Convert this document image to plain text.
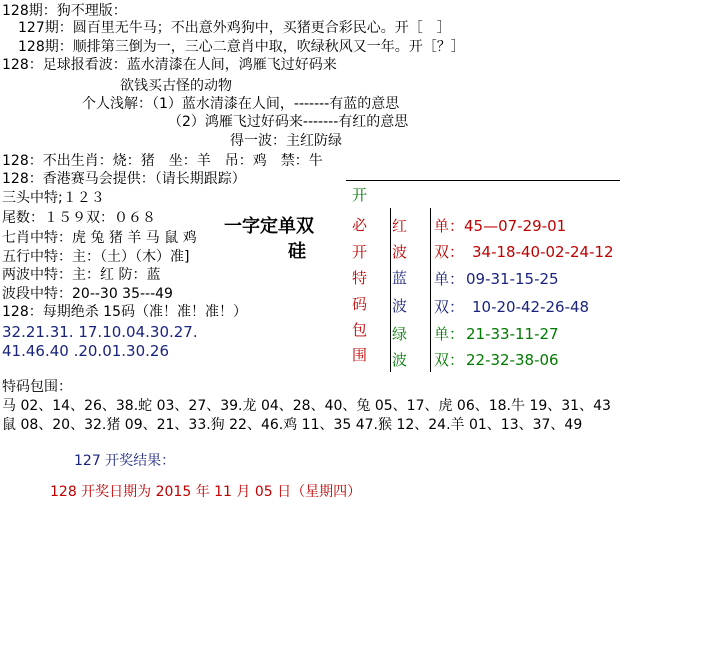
128期：狗不理版：
127期：圆百里无牛马；不出意外鸡狗中，买猪更合彩民心。开［　］
128期：顺排第三倒为一，三心二意肖中取，吹绿秋风又一年。开［？］
128：足球报看波：蓝水清漆在人间，鸿雁飞过好码来
欲钱买古怪的动物
个人浅解：（1）蓝水清漆在人间，-------有蓝的意思
（2）鸿雁飞过好码来-------有红的意思
得一波：主红防绿
128：不出生肖：烧：猪　坐：羊　吊：鸡　禁：牛
128：香港赛马会提供：（请长期跟踪）
三头中特;１２３
尾数：１５９双：０６８
七肖中特：虎 兔 猪 羊 马 鼠 鸡
五行中特：主：（土）（木）准]
两波中特：主：红 防：蓝
波段中特：20--30 35---49
128：每期绝杀 15码（准！准！准！）
32.21.31. 17.10.04.30.27.
41.46.40 .20.01.30.26
一字定单双
硅
开
必
开
特
码
包
围
红
波
单： 45—07-29-01
双： 34-18-40-02-24-12
蓝
波
单： 09-31-15-25
双： 10-20-42-26-48
绿
波
单： 21-33-11-27
双： 22-32-38-06
特码包围：
马 02、14、26、38.蛇 03、27、39.龙 04、28、40、兔 05、17、虎 06、18.牛 19、31、43
鼠 08、20、32.猪 09、21、33.狗 22、46.鸡 11、35 47.猴 12、24.羊 01、13、37、49
127 开奖结果：
128 开奖日期为 2015 年 11 月 05 日（星期四）
